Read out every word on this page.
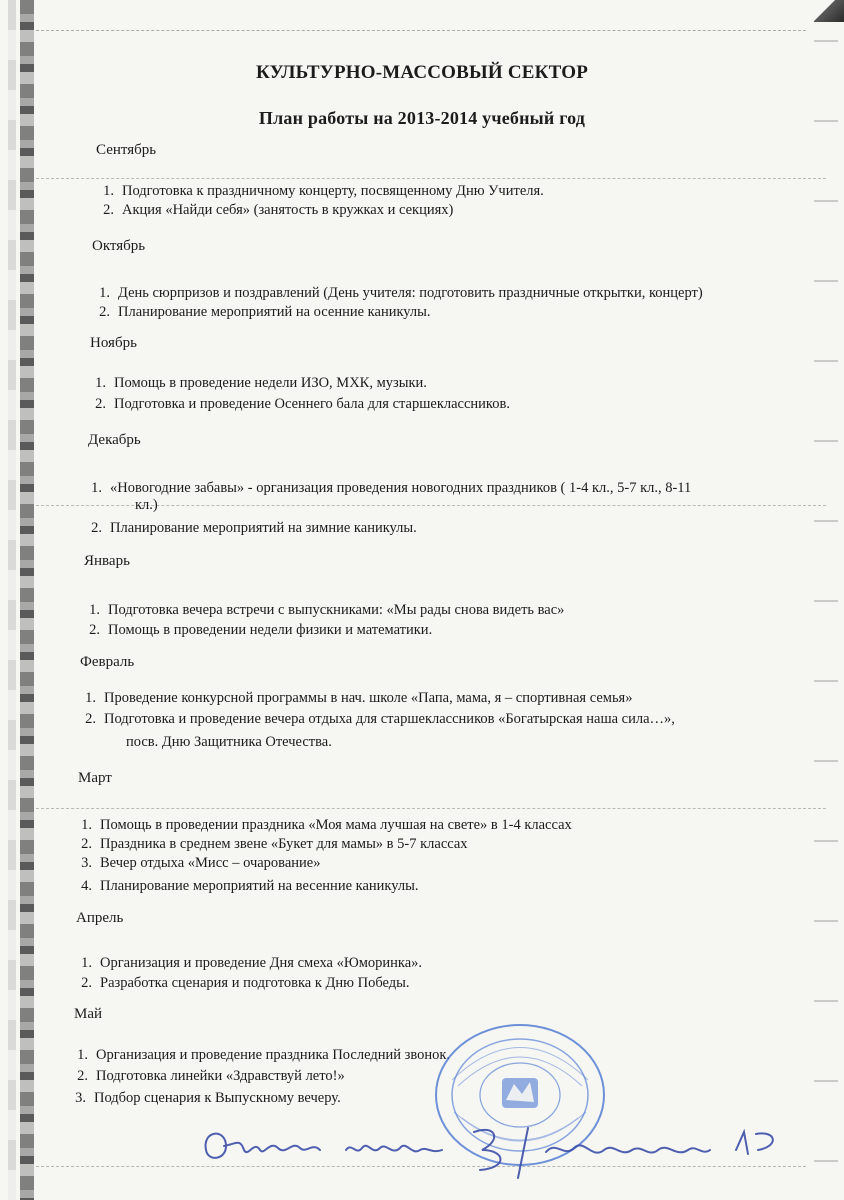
КУЛЬТУРНО-МАССОВЫЙ СЕКТОР
План работы на 2013-2014 учебный год
Сентябрь
1. Подготовка к праздничному концерту, посвященному Дню Учителя.
2. Акция «Найди себя» (занятость в кружках и секциях)
Октябрь
1. День сюрпризов и поздравлений (День учителя: подготовить праздничные открытки, концерт)
2. Планирование мероприятий на осенние каникулы.
Ноябрь
1. Помощь в проведение недели ИЗО, МХК, музыки.
2. Подготовка и проведение Осеннего бала для старшеклассников.
Декабрь
1. «Новогодние забавы» - организация проведения новогодних праздников ( 1-4 кл., 5-7 кл., 8-11
кл.)
2. Планирование мероприятий на зимние каникулы.
Январь
1. Подготовка вечера встречи с выпускниками: «Мы рады снова видеть вас»
2. Помощь в проведении недели физики и математики.
Февраль
1. Проведение конкурсной программы в нач. школе «Папа, мама, я – спортивная семья»
2. Подготовка и проведение вечера отдыха для старшеклассников «Богатырская наша сила…»,
посв. Дню Защитника Отечества.
Март
1. Помощь в проведении праздника «Моя мама лучшая на свете» в 1-4 классах
2. Праздника в среднем звене «Букет для мамы» в 5-7 классах
3. Вечер отдыха «Мисс – очарование»
4. Планирование мероприятий на весенние каникулы.
Апрель
1. Организация и проведение Дня смеха «Юморинка».
2. Разработка сценария и подготовка к Дню Победы.
Май
1. Организация и проведение праздника Последний звонок.
2. Подготовка линейки «Здравствуй лето!»
3. Подбор сценария к Выпускному вечеру.
